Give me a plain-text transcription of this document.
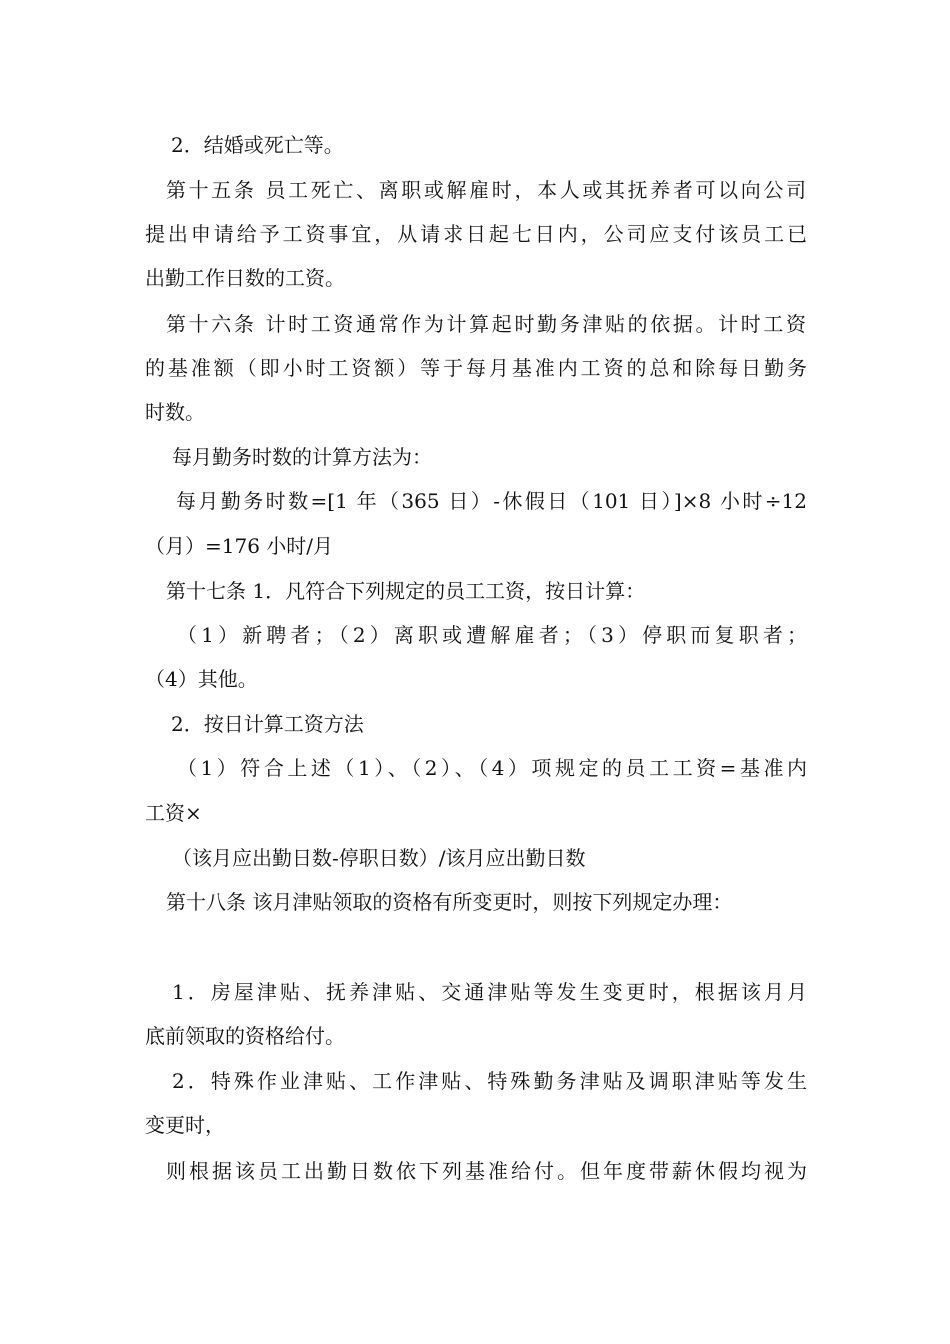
2．结婚或死亡等。
第十五条 员工死亡、离职或解雇时，本人或其抚养者可以向公司
提出申请给予工资事宜，从请求日起七日内，公司应支付该员工已
出勤工作日数的工资。
第十六条 计时工资通常作为计算起时勤务津贴的依据。计时工资
的基准额（即小时工资额）等于每月基准内工资的总和除每日勤务
时数。
每月勤务时数的计算方法为：
每月勤务时数=[1 年（365 日）-休假日（101 日）]×8 小时÷12
（月）=176 小时/月
第十七条 1．凡符合下列规定的员工工资，按日计算：
（1）新聘者；（2）离职或遭解雇者；（3）停职而复职者；
（4）其他。
2．按日计算工资方法
（1）符合上述（1）、（2）、（4）项规定的员工工资=基准内
工资×
（该月应出勤日数-停职日数）/该月应出勤日数
第十八条 该月津贴领取的资格有所变更时，则按下列规定办理：
1．房屋津贴、抚养津贴、交通津贴等发生变更时，根据该月月
底前领取的资格给付。
2．特殊作业津贴、工作津贴、特殊勤务津贴及调职津贴等发生
变更时，
则根据该员工出勤日数依下列基准给付。但年度带薪休假均视为
